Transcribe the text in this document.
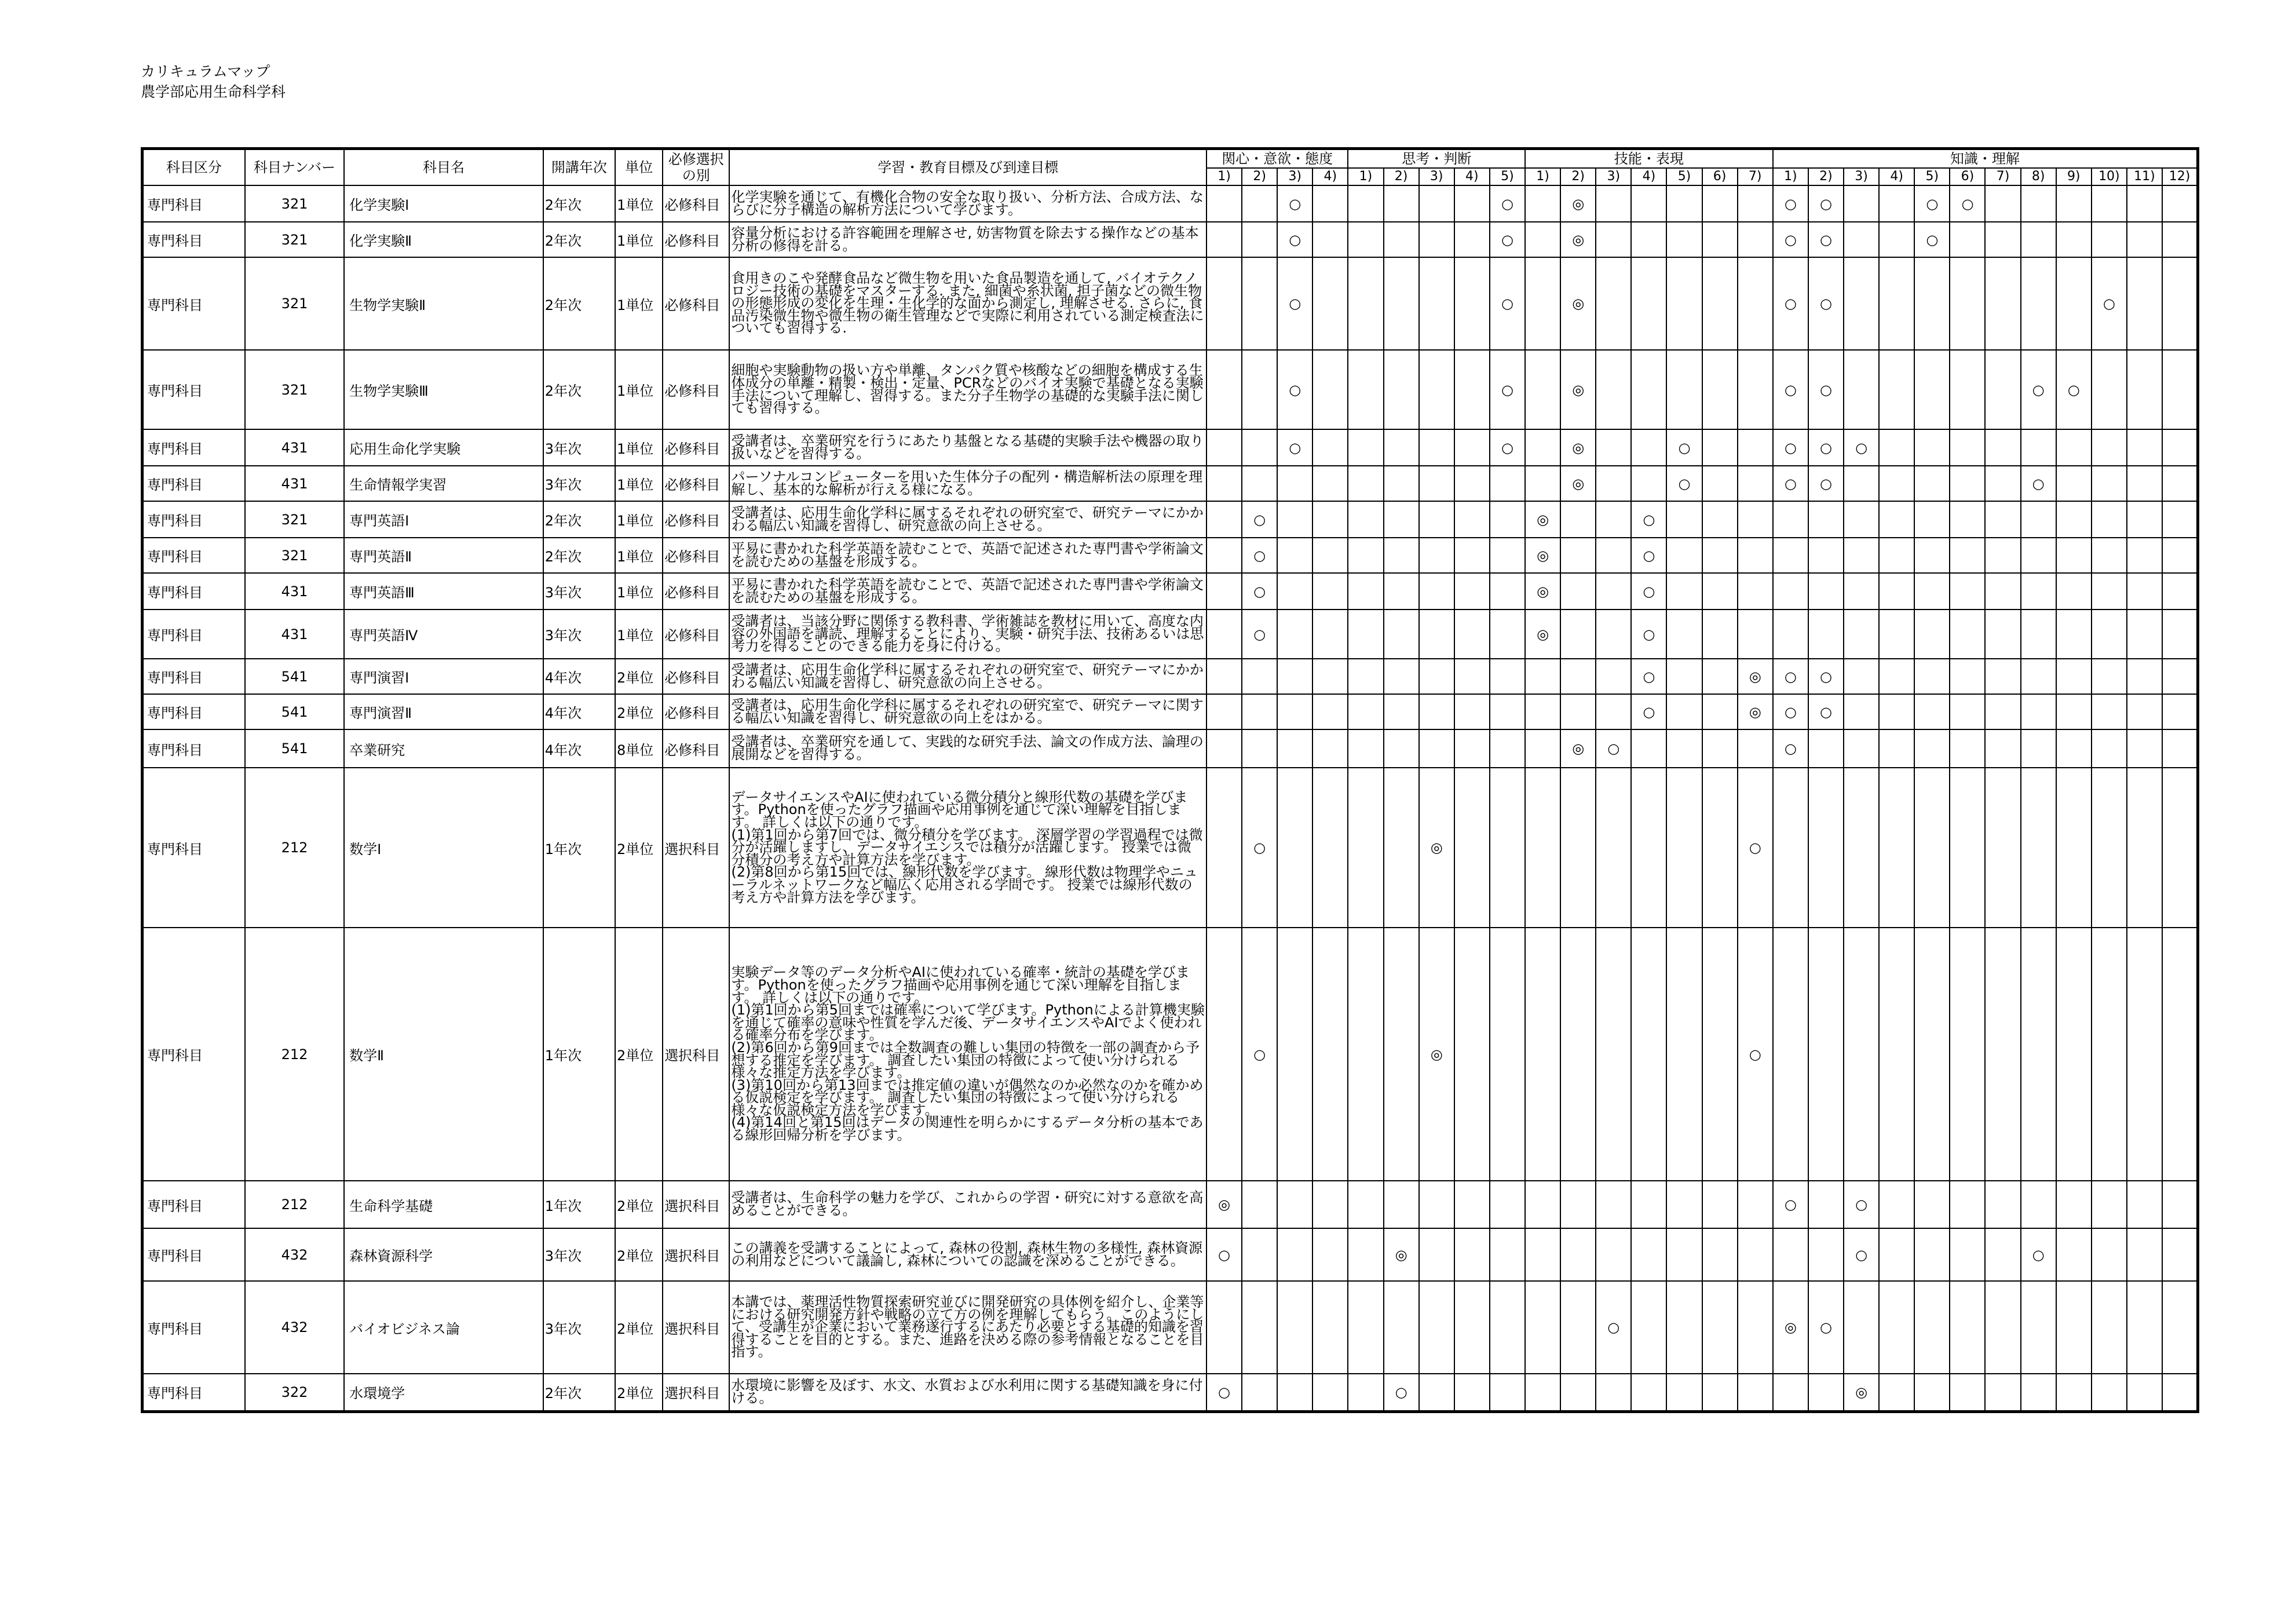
カリキュラムマップ
農学部応用生命科学科
科目区分	科目ナンバー	科目名	開講年次	単位	必修選択
の別	学習・教育目標及び到達目標	関心・意欲・態度				思考・判断					技能・表現							知識・理解											
							1)	2)	3)	4)	1)	2)	3)	4)	5)	1)	2)	3)	4)	5)	6)	7)	1)	2)	3)	4)	5)	6)	7)	8)	9)	10)	11)	12)
専門科目	321	化学実験Ⅰ	2年次	1単位	必修科目	化学実験を通じて、有機化合物の安全な取り扱い、分析方法、合成方法、ならびに分子構造の解析方法について学びます。			○						○		◎						○	○			○	○						
専門科目	321	化学実験Ⅱ	2年次	1単位	必修科目	容量分析における許容範囲を理解させ, 妨害物質を除去する操作などの基本分析の修得を計る。			○						○		◎						○	○			○							
専門科目	321	生物学実験Ⅱ	2年次	1単位	必修科目	食用きのこや発酵食品など微生物を用いた食品製造を通して, バイオテクノロジー技術の基礎をマスターする. また, 細菌や糸状菌, 担子菌などの微生物の形態形成の変化を生理・生化学的な面から測定し, 理解させる. さらに, 食品汚染微生物や微生物の衛生管理などで実際に利用されている測定検査法についても習得する.			○						○		◎						○	○								○		
専門科目	321	生物学実験Ⅲ	2年次	1単位	必修科目	細胞や実験動物の扱い方や単離、タンパク質や核酸などの細胞を構成する生体成分の単離・精製・検出・定量、PCRなどのバイオ実験で基礎となる実験手法について理解し、習得する。また分子生物学の基礎的な実験手法に関しても習得する。			○						○		◎						○	○						○	○			
専門科目	431	応用生命化学実験	3年次	1単位	必修科目	受講者は、卒業研究を行うにあたり基盤となる基礎的実験手法や機器の取り扱いなどを習得する。			○						○		◎			○			○	○	○									
専門科目	431	生命情報学実習	3年次	1単位	必修科目	パーソナルコンピューターを用いた生体分子の配列・構造解析法の原理を理解し、基本的な解析が行える様になる。											◎			○			○	○						○				
専門科目	321	専門英語Ⅰ	2年次	1単位	必修科目	受講者は、応用生命化学科に属するそれぞれの研究室で、研究テーマにかかわる幅広い知識を習得し、研究意欲の向上させる。		○								◎			○															
専門科目	321	専門英語Ⅱ	2年次	1単位	必修科目	平易に書かれた科学英語を読むことで、英語で記述された専門書や学術論文を読むための基盤を形成する。		○								◎			○															
専門科目	431	専門英語Ⅲ	3年次	1単位	必修科目	平易に書かれた科学英語を読むことで、英語で記述された専門書や学術論文を読むための基盤を形成する。		○								◎			○															
専門科目	431	専門英語Ⅳ	3年次	1単位	必修科目	受講者は、当該分野に関係する教科書、学術雑誌を教材に用いて、高度な内容の外国語を講読、理解することにより、実験・研究手法、技術あるいは思考力を得ることのできる能力を身に付ける。		○								◎			○															
専門科目	541	専門演習Ⅰ	4年次	2単位	必修科目	受講者は、応用生命化学科に属するそれぞれの研究室で、研究テーマにかかわる幅広い知識を習得し、研究意欲の向上させる。													○			◎	○	○										
専門科目	541	専門演習Ⅱ	4年次	2単位	必修科目	受講者は、応用生命化学科に属するそれぞれの研究室で、研究テーマに関する幅広い知識を習得し、研究意欲の向上をはかる。													○			◎	○	○										
専門科目	541	卒業研究	4年次	8単位	必修科目	受講者は、卒業研究を通して、実践的な研究手法、論文の作成方法、論理の展開などを習得する。											◎	○					○											
専門科目	212	数学Ⅰ	1年次	2単位	選択科目	データサイエンスやAIに使われている微分積分と線形代数の基礎を学びます。Pythonを使ったグラフ描画や応用事例を通じて深い理解を目指します。 詳しくは以下の通りです。
(1)第1回から第7回では、微分積分を学びます。 深層学習の学習過程では微分が活躍しますし、データサイエンスでは積分が活躍します。 授業では微分積分の考え方や計算方法を学びます。
(2)第8回から第15回では、線形代数を学びます。 線形代数は物理学やニューラルネットワークなど幅広く応用される学問です。 授業では線形代数の考え方や計算方法を学びます。		○					◎									○												
専門科目	212	数学Ⅱ	1年次	2単位	選択科目	実験データ等のデータ分析やAIに使われている確率・統計の基礎を学びます。Pythonを使ったグラフ描画や応用事例を通じて深い理解を目指します。 詳しくは以下の通りです。
(1)第1回から第5回までは確率について学びます。Pythonによる計算機実験を通じて確率の意味や性質を学んだ後、データサイエンスやAIでよく使われる確率分布を学びます。
(2)第6回から第9回までは全数調査の難しい集団の特徴を一部の調査から予想する推定を学びます。 調査したい集団の特徴によって使い分けられる様々な推定方法を学びます。
(3)第10回から第13回までは推定値の違いが偶然なのか必然なのかを確かめる仮説検定を学びます。 調査したい集団の特徴によって使い分けられる様々な仮説検定方法を学びます。
(4)第14回と第15回はデータの関連性を明らかにするデータ分析の基本である線形回帰分析を学びます。		○					◎									○												
専門科目	212	生命科学基礎	1年次	2単位	選択科目	受講者は、生命科学の魅力を学び、これからの学習・研究に対する意欲を高めることができる。	◎																○		○									
専門科目	432	森林資源科学	3年次	2単位	選択科目	この講義を受講することによって, 森林の役割, 森林生物の多様性, 森林資源の利用などについて議論し, 森林についての認識を深めることができる。	○					◎													○					○				
専門科目	432	バイオビジネス論	3年次	2単位	選択科目	本講では、薬理活性物質探索研究並びに開発研究の具体例を紹介し、企業等における研究開発方針や戦略の立て方の例を理解してもらう。このようにして、受講生が企業において業務遂行するにあたり必要とする基礎的知識を習得することを目的とする。また、進路を決める際の参考情報となることを目指す。												○					◎	○										
専門科目	322	水環境学	2年次	2単位	選択科目	水環境に影響を及ぼす、水文、水質および水利用に関する基礎知識を身に付ける。	○					○													◎									
